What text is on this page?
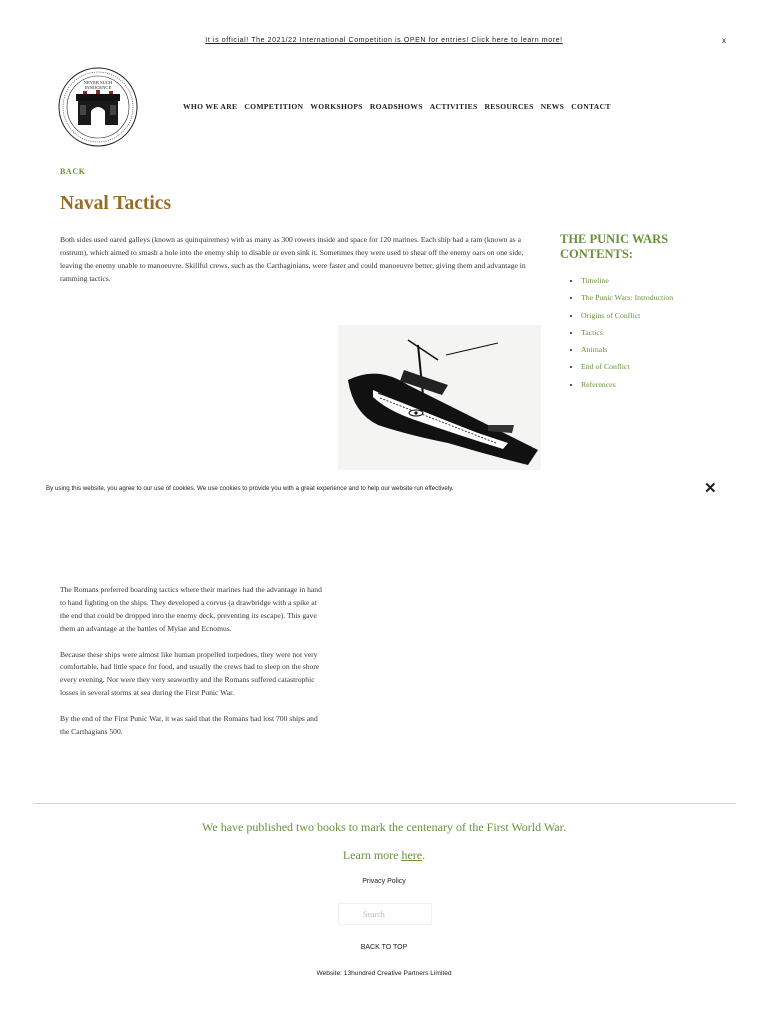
It is official! The 2021/22 International Competition is OPEN for entries! Click here to learn more!	x
NEVER SUCH
INNOCENCE
WHO WE ARE COMPETITION WORKSHOPS ROADSHOWS ACTIVITIES RESOURCES NEWS CONTACT
BACK
Naval Tactics
Both sides used oared galleys (known as quinquiremes) with as many as 300 rowers inside and space for 120 marines. Each ship had a ram (known as a rostrum), which aimed to smash a hole into the enemy ship to disable or even sink it. Sometimes they were used to shear off the enemy oars on one side, leaving the enemy unable to manoeuvre. Skillful crews, such as the Carthaginians, were faster and could manoeuvre better, giving them and advantage in ramming tactics.
THE PUNIC WARS CONTENTS:
• Timeline
• The Punic Wars: Introduction
• Origins of Conflict
• Tactics
• Animals
• End of Conflict
• References
By using this website, you agree to our use of cookies. We use cookies to provide you with a great experience and to help our website run effectively.	✕

The Romans preferred boarding tactics where their marines had the advantage in hand to hand fighting on the ships. They developed a corvus (a drawbridge with a spike at the end that could be dropped into the enemy deck, preventing its escape). This gave them an advantage at the battles of Mylae and Ecnomus.

Because these ships were almost like human propelled torpedoes, they were not very comfortable, had little space for food, and usually the crews had to sleep on the shore every evening. Nor were they very seaworthy and the Romans suffered catastrophic losses in several storms at sea during the First Punic War.

By the end of the First Punic War, it was said that the Romans had lost 700 ships and the Carthagians 500.

We have published two books to mark the centenary of the First World War.
Learn more here.
Privacy Policy
Search
BACK TO TOP
Website: 13hundred Creative Partners Limited
